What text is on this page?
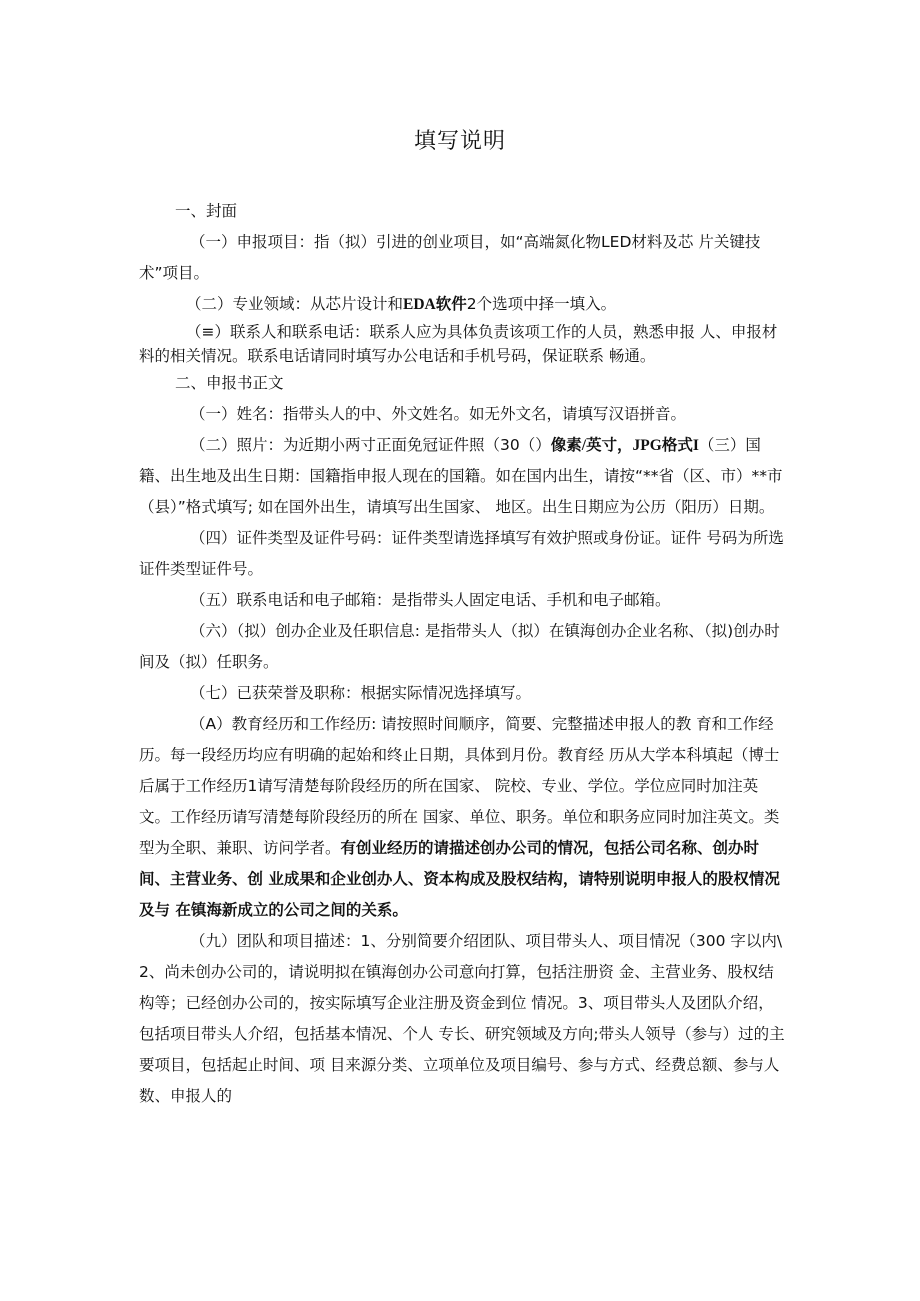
填写说明

一、封面

（一）申报项目：指（拟）引进的创业项目，如“高端氮化物LED材料及芯 片关键技术”项目。

（二）专业领域：从芯片设计和EDA软件2个选项中择一填入。

（≡）联系人和联系电话：联系人应为具体负责该项工作的人员，熟悉申报 人、申报材料的相关情况。联系电话请同时填写办公电话和手机号码，保证联系 畅通。

二、申报书正文

（一）姓名：指带头人的中、外文姓名。如无外文名，请填写汉语拼音。

（二）照片：为近期小两寸正面免冠证件照（30（）像素/英寸，JPG格式I（三）国籍、出生地及出生日期：国籍指申报人现在的国籍。如在国内出生，请按“**省（区、市）**市（县）”格式填写; 如在国外出生，请填写出生国家、 地区。出生日期应为公历（阳历）日期。

（四）证件类型及证件号码：证件类型请选择填写有效护照或身份证。证件 号码为所选证件类型证件号。

（五）联系电话和电子邮箱：是指带头人固定电话、手机和电子邮箱。

（六）（拟）创办企业及任职信息: 是指带头人（拟）在镇海创办企业名称、（拟)创办时间及（拟）任职务。

（七）已获荣誉及职称：根据实际情况选择填写。

（A）教育经历和工作经历: 请按照时间顺序，简要、完整描述申报人的教 育和工作经历。每一段经历均应有明确的起始和终止日期，具体到月份。教育经 历从大学本科填起（博士后属于工作经历1请写清楚每阶段经历的所在国家、 院校、专业、学位。学位应同时加注英文。工作经历请写清楚每阶段经历的所在 国家、单位、职务。单位和职务应同时加注英文。类型为全职、兼职、访问学者。有创业经历的请描述创办公司的情况，包括公司名称、创办时间、主营业务、创 业成果和企业创办人、资本构成及股权结构，请特别说明申报人的股权情况及与 在镇海新成立的公司之间的关系。

（九）团队和项目描述：1、分别简要介绍团队、项目带头人、项目情况（300 字以内\ 2、尚未创办公司的，请说明拟在镇海创办公司意向打算，包括注册资 金、主营业务、股权结构等；已经创办公司的，按实际填写企业注册及资金到位 情况。3、项目带头人及团队介绍，包括项目带头人介绍，包括基本情况、个人 专长、研究领域及方向;带头人领导（参与）过的主要项目，包括起止时间、项 目来源分类、立项单位及项目编号、参与方式、经费总额、参与人数、申报人的
